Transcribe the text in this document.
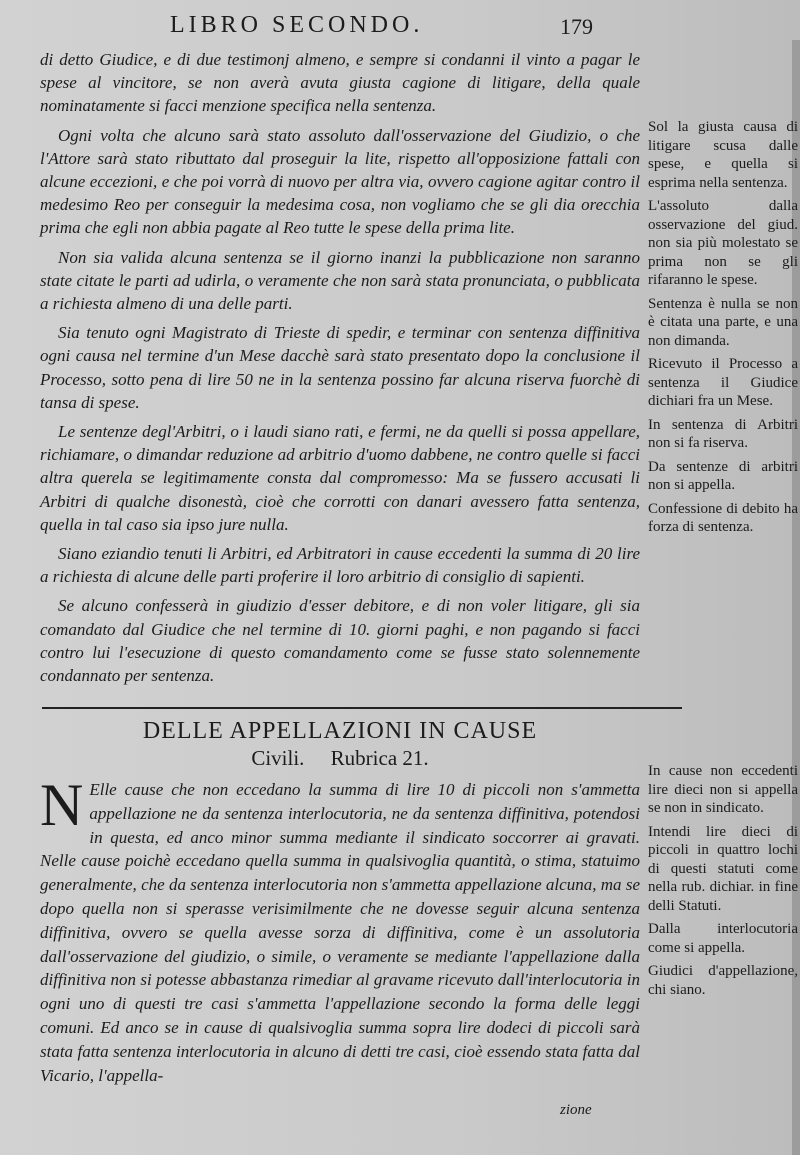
LIBRO SECONDO.	179

di detto Giudice, e di due testimonj almeno, e sempre si condanni il vinto a pagar le spese al vincitore, se non averà avuta giusta cagione di litigare, della quale nominatamente si facci menzione specifica nella sentenza.

Ogni volta che alcuno sarà stato assoluto dall'osservazione del Giudizio, o che l'Attore sarà stato ributtato dal proseguir la lite, rispetto all'opposizione fattali con alcune eccezioni, e che poi vorrà di nuovo per altra via, ovvero cagione agitar contro il medesimo Reo per conseguir la medesima cosa, non vogliamo che se gli dia orecchia prima che egli non abbia pagate al Reo tutte le spese della prima lite.

Non sia valida alcuna sentenza se il giorno inanzi la pubblicazione non saranno state citate le parti ad udirla, o veramente che non sarà stata pronunciata, o pubblicata a richiesta almeno di una delle parti.

Sia tenuto ogni Magistrato di Trieste di spedir, e terminar con sentenza diffinitiva ogni causa nel termine d'un Mese dacchè sarà stato presentato dopo la conclusione il Processo, sotto pena di lire 50 ne in la sentenza possino far alcuna riserva fuorchè di tansa di spese.

Le sentenze degl'Arbitri, o i laudi siano rati, e fermi, ne da quelli si possa appellare, richiamare, o dimandar reduzione ad arbitrio d'uomo dabbene, ne contro quelle si facci altra querela se legitimamente consta dal compromesso: Ma se fussero accusati li Arbitri di qualche disonestà, cioè che corrotti con danari avessero fatta sentenza, quella in tal caso sia ipso jure nulla.

Siano eziandio tenuti li Arbitri, ed Arbitratori in cause eccedenti la summa di 20 lire a richiesta di alcune delle parti proferire il loro arbitrio di consiglio di sapienti.

Se alcuno confesserà in giudizio d'esser debitore, e di non voler litigare, gli sia comandato dal Giudice che nel termine di 10. giorni paghi, e non pagando si facci contro lui l'esecuzione di questo comandamento come se fusse stato solennemente condannato per sentenza.

Sol la giusta causa di litigare scusa dalle spese, e quella si esprima nella sentenza.

L'assoluto dalla osservazione del giud. non sia più molestato se prima non se gli rifaranno le spese.

Sentenza è nulla se non è citata una parte, e una non dimanda.

Ricevuto il Processo a sentenza il Giudice dichiari fra un Mese.

In sentenza di Arbitri non si fa riserva.

Da sentenze di arbitri non si appella.

Confessione di debito ha forza di sentenza.

DELLE APPELLAZIONI IN CAUSE
Civili.     Rubrica 21.
N Elle cause che non eccedano la summa di lire 10 di piccoli non s'ammetta appellazione ne da sentenza interlocutoria, ne da sentenza diffinitiva, potendosi in questa, ed anco minor summa mediante il sindicato soccorrer ai gravati. Nelle cause poichè eccedano quella summa in qualsivoglia quantità, o stima, statuimo generalmente, che da sentenza interlocutoria non s'ammetta appellazione alcuna, ma se dopo quella non si sperasse verisimilmente che ne dovesse seguir alcuna sentenza diffinitiva, ovvero se quella avesse sorza di diffinitiva, come è un assolutoria dall'osservazione del giudizio, o simile, o veramente se mediante l'appellazione dalla diffinitiva non si potesse abbastanza rimediar al gravame ricevuto dall'interlocutoria in ogni uno di questi tre casi s'ammetta l'appellazione secondo la forma delle leggi comuni. Ed anco se in cause di qualsivoglia summa sopra lire dodeci di piccoli sarà stata fatta sentenza interlocutoria in alcuno di detti tre casi, cioè essendo stata fatta dal Vicario, l'appella-
zione

In cause non eccedenti lire dieci non si appella se non in sindicato.

Intendi lire dieci di piccoli in quattro lochi di questi statuti come nella rub. dichiar. in fine delli Statuti.

Dalla interlocutoria come si appella.

Giudici d'appellazione, chi siano.
